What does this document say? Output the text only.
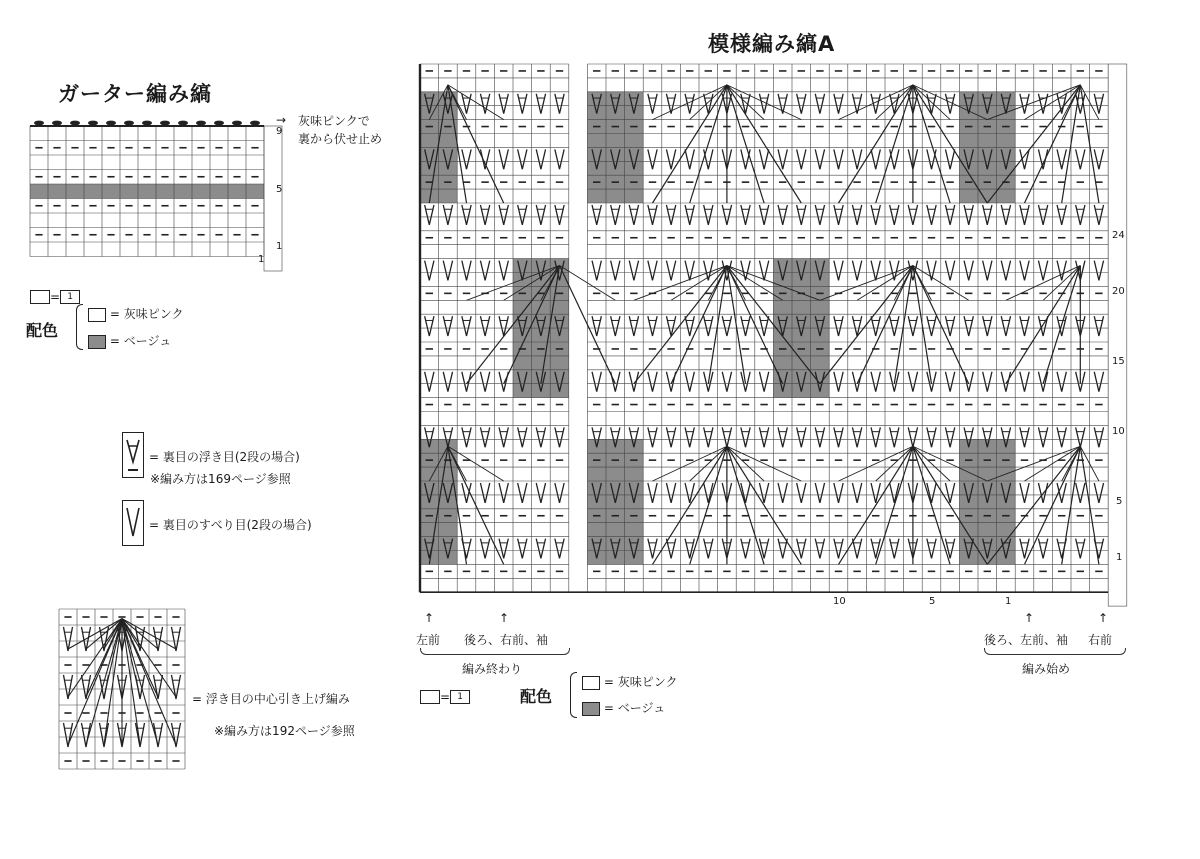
ガーター編み縞
灰味ピンクで
裏から伏せ止め
→
9
5
1
1
= 1
配色
= 灰味ピンク
= ベージュ
= 裏目の浮き目(2段の場合)
※編み方は169ページ参照
= 裏目のすべり目(2段の場合)
= 浮き目の中心引き上げ編み
※編み方は192ページ参照
模様編み縞A
24
20
15
10
5
1
10	5	1
↑	↑
左前 後ろ、右前、袖
編み終わり
↑	↑
後ろ、左前、袖 右前
編み始め
= 1	配色
= 灰味ピンク
= ベージュ
